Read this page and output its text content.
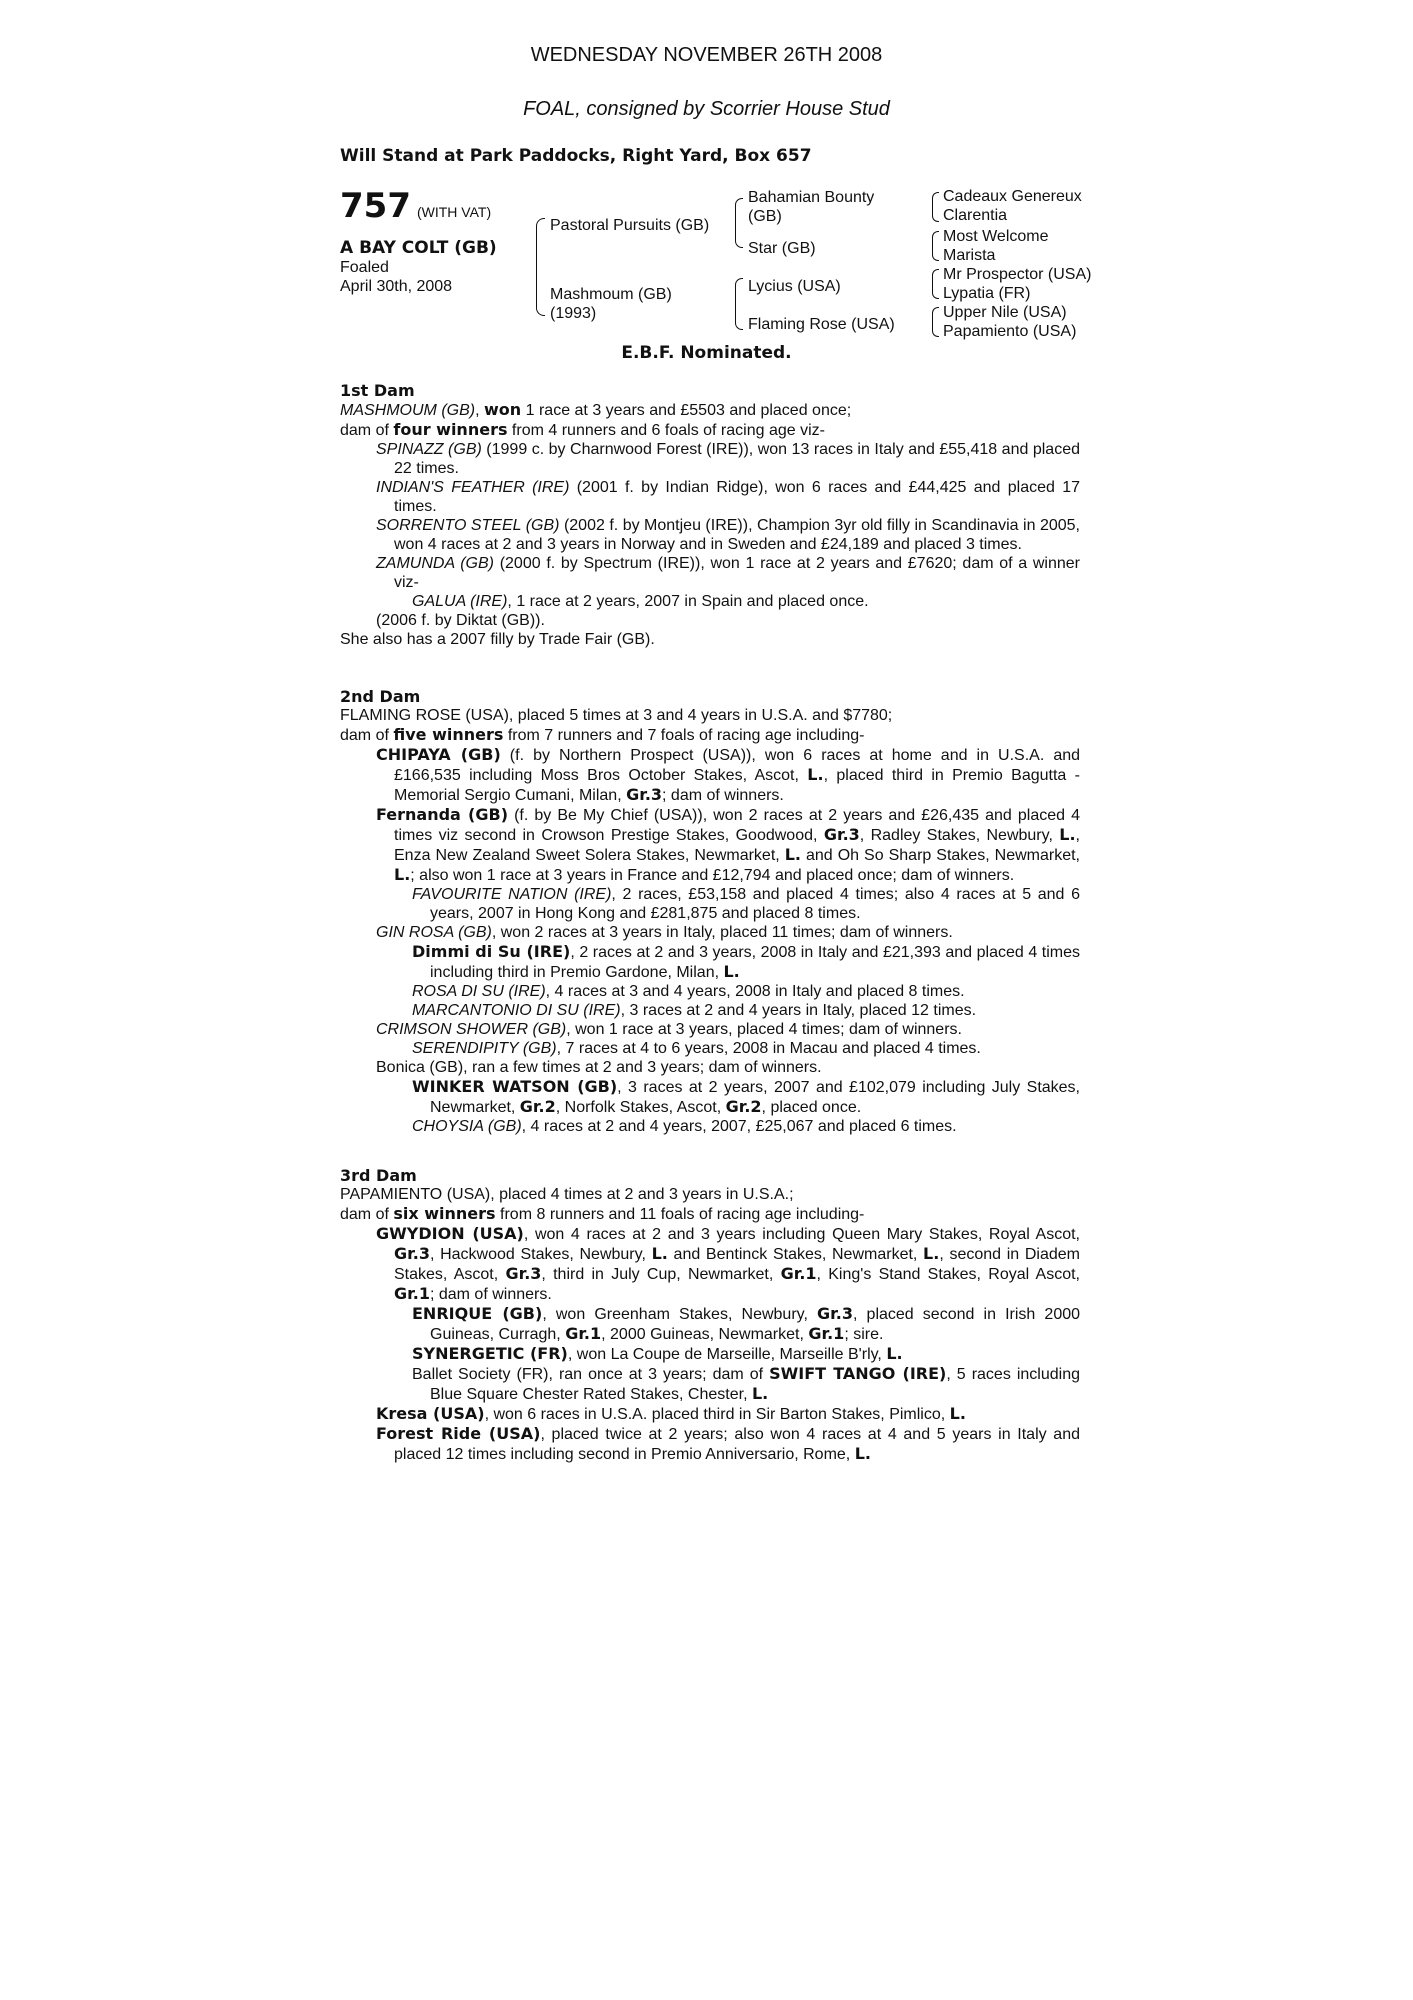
WEDNESDAY NOVEMBER 26TH 2008
FOAL, consigned by Scorrier House Stud
Will Stand at Park Paddocks, Right Yard, Box 657
757 (WITH VAT)
A BAY COLT (GB)
Foaled
April 30th, 2008
Pastoral Pursuits (GB)
Mashmoum (GB)
(1993)
Bahamian Bounty
(GB)
Star (GB)
Lycius (USA)
Flaming Rose (USA)
Cadeaux Genereux
Clarentia
Most Welcome
Marista
Mr Prospector (USA)
Lypatia (FR)
Upper Nile (USA)
Papamiento (USA)
E.B.F. Nominated.
1st Dam
MASHMOUM (GB), won 1 race at 3 years and £5503 and placed once;
dam of four winners from 4 runners and 6 foals of racing age viz-
SPINAZZ (GB) (1999 c. by Charnwood Forest (IRE)), won 13 races in Italy and £55,418 and placed 22 times.
INDIAN'S FEATHER (IRE) (2001 f. by Indian Ridge), won 6 races and £44,425 and placed 17 times.
SORRENTO STEEL (GB) (2002 f. by Montjeu (IRE)), Champion 3yr old filly in Scandinavia in 2005, won 4 races at 2 and 3 years in Norway and in Sweden and £24,189 and placed 3 times.
ZAMUNDA (GB) (2000 f. by Spectrum (IRE)), won 1 race at 2 years and £7620; dam of a winner viz-
GALUA (IRE), 1 race at 2 years, 2007 in Spain and placed once.
(2006 f. by Diktat (GB)).
She also has a 2007 filly by Trade Fair (GB).
2nd Dam
FLAMING ROSE (USA), placed 5 times at 3 and 4 years in U.S.A. and $7780;
dam of five winners from 7 runners and 7 foals of racing age including-
CHIPAYA (GB) (f. by Northern Prospect (USA)), won 6 races at home and in U.S.A. and £166,535 including Moss Bros October Stakes, Ascot, L., placed third in Premio Bagutta - Memorial Sergio Cumani, Milan, Gr.3; dam of winners.
Fernanda (GB) (f. by Be My Chief (USA)), won 2 races at 2 years and £26,435 and placed 4 times viz second in Crowson Prestige Stakes, Goodwood, Gr.3, Radley Stakes, Newbury, L., Enza New Zealand Sweet Solera Stakes, Newmarket, L. and Oh So Sharp Stakes, Newmarket, L.; also won 1 race at 3 years in France and £12,794 and placed once; dam of winners.
FAVOURITE NATION (IRE), 2 races, £53,158 and placed 4 times; also 4 races at 5 and 6 years, 2007 in Hong Kong and £281,875 and placed 8 times.
GIN ROSA (GB), won 2 races at 3 years in Italy, placed 11 times; dam of winners.
Dimmi di Su (IRE), 2 races at 2 and 3 years, 2008 in Italy and £21,393 and placed 4 times including third in Premio Gardone, Milan, L.
ROSA DI SU (IRE), 4 races at 3 and 4 years, 2008 in Italy and placed 8 times.
MARCANTONIO DI SU (IRE), 3 races at 2 and 4 years in Italy, placed 12 times.
CRIMSON SHOWER (GB), won 1 race at 3 years, placed 4 times; dam of winners.
SERENDIPITY (GB), 7 races at 4 to 6 years, 2008 in Macau and placed 4 times.
Bonica (GB), ran a few times at 2 and 3 years; dam of winners.
WINKER WATSON (GB), 3 races at 2 years, 2007 and £102,079 including July Stakes, Newmarket, Gr.2, Norfolk Stakes, Ascot, Gr.2, placed once.
CHOYSIA (GB), 4 races at 2 and 4 years, 2007, £25,067 and placed 6 times.
3rd Dam
PAPAMIENTO (USA), placed 4 times at 2 and 3 years in U.S.A.;
dam of six winners from 8 runners and 11 foals of racing age including-
GWYDION (USA), won 4 races at 2 and 3 years including Queen Mary Stakes, Royal Ascot, Gr.3, Hackwood Stakes, Newbury, L. and Bentinck Stakes, Newmarket, L., second in Diadem Stakes, Ascot, Gr.3, third in July Cup, Newmarket, Gr.1, King's Stand Stakes, Royal Ascot, Gr.1; dam of winners.
ENRIQUE (GB), won Greenham Stakes, Newbury, Gr.3, placed second in Irish 2000 Guineas, Curragh, Gr.1, 2000 Guineas, Newmarket, Gr.1; sire.
SYNERGETIC (FR), won La Coupe de Marseille, Marseille B'rly, L.
Ballet Society (FR), ran once at 3 years; dam of SWIFT TANGO (IRE), 5 races including Blue Square Chester Rated Stakes, Chester, L.
Kresa (USA), won 6 races in U.S.A. placed third in Sir Barton Stakes, Pimlico, L.
Forest Ride (USA), placed twice at 2 years; also won 4 races at 4 and 5 years in Italy and placed 12 times including second in Premio Anniversario, Rome, L.
